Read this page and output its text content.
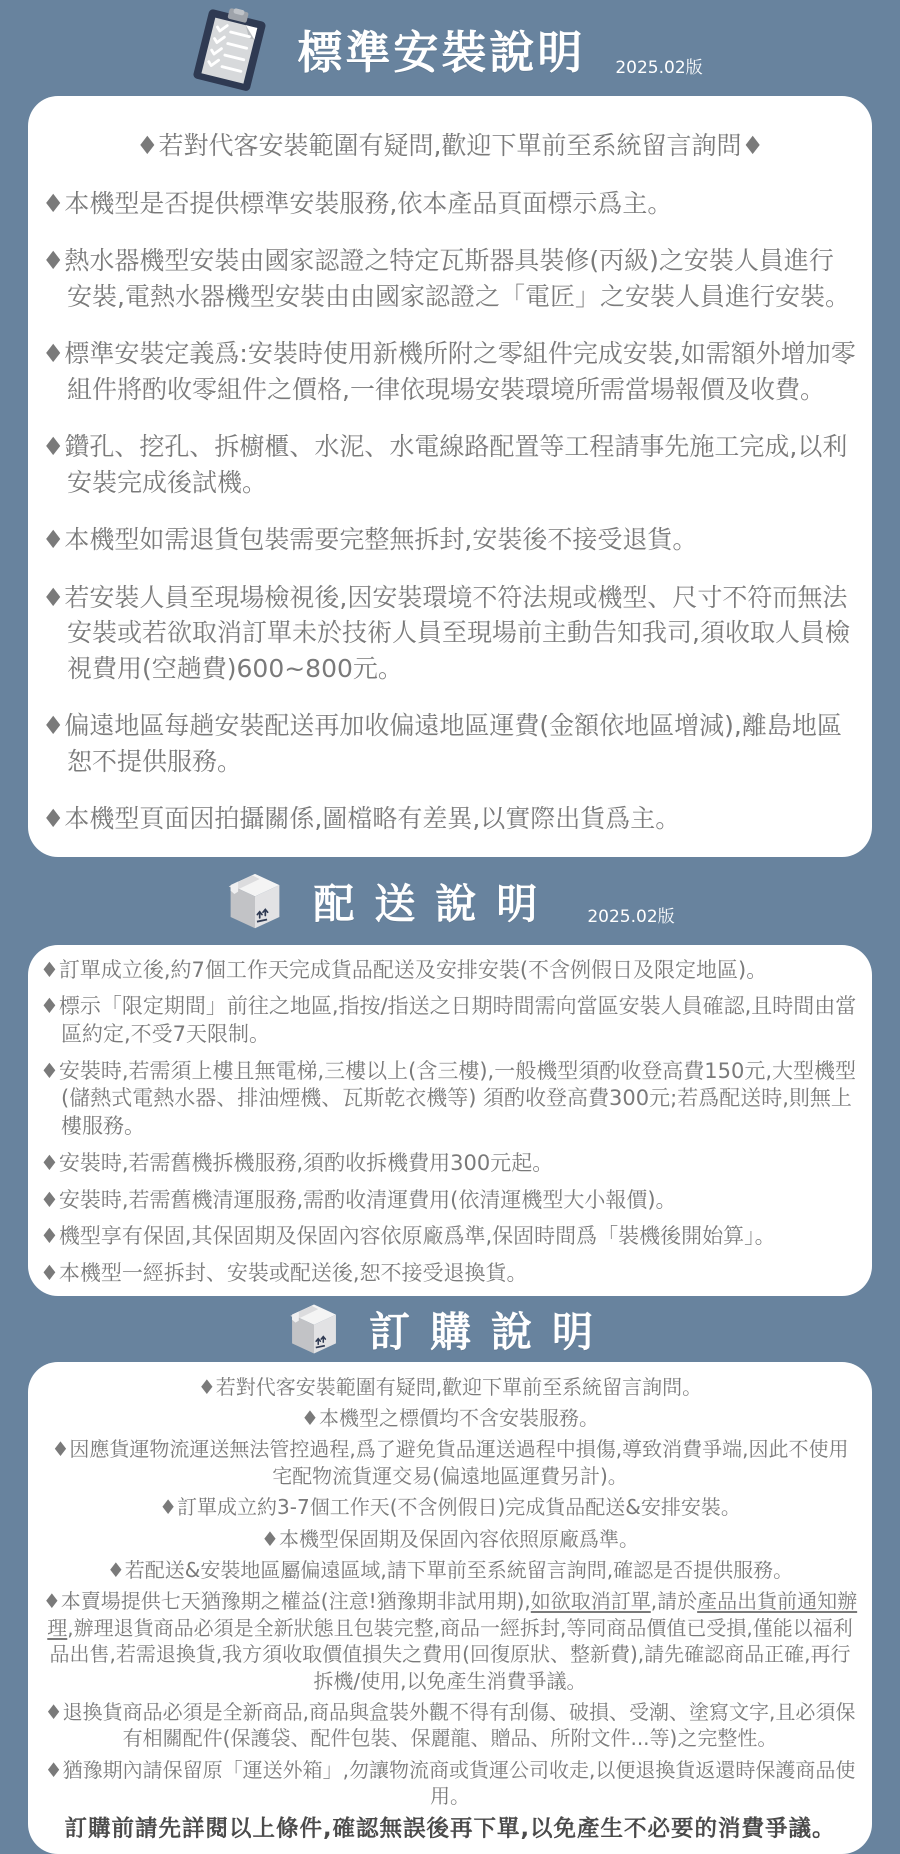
標準安裝說明 2025.02版

♦若對代客安裝範圍有疑問,歡迎下單前至系統留言詢問♦

♦本機型是否提供標準安裝服務,依本產品頁面標示爲主。

♦熱水器機型安裝由國家認證之特定瓦斯器具裝修(丙級)之安裝人員進行安裝,電熱水器機型安裝由由國家認證之「電匠」之安裝人員進行安裝。

♦標準安裝定義爲:安裝時使用新機所附之零組件完成安裝,如需額外增加零組件將酌收零組件之價格,一律依現場安裝環境所需當場報價及收費。

♦鑽孔、挖孔、拆櫥櫃、水泥、水電線路配置等工程請事先施工完成,以利安裝完成後試機。

♦本機型如需退貨包裝需要完整無拆封,安裝後不接受退貨。

♦若安裝人員至現場檢視後,因安裝環境不符法規或機型、尺寸不符而無法安裝或若欲取消訂單未於技術人員至現場前主動告知我司,須收取人員檢視費用(空趟費)600~800元。

♦偏遠地區每趟安裝配送再加收偏遠地區運費(金額依地區增減),離島地區恕不提供服務。

♦本機型頁面因拍攝關係,圖檔略有差異,以實際出貨爲主。

配送說明 2025.02版

♦訂單成立後,約7個工作天完成貨品配送及安排安裝(不含例假日及限定地區)。

♦標示「限定期間」前往之地區,指按/指送之日期時間需向當區安裝人員確認,且時間由當區約定,不受7天限制。

♦安裝時,若需須上樓且無電梯,三樓以上(含三樓),一般機型須酌收登高費150元,大型機型(儲熱式電熱水器、排油煙機、瓦斯乾衣機等) 須酌收登高費300元;若爲配送時,則無上樓服務。

♦安裝時,若需舊機拆機服務,須酌收拆機費用300元起。

♦安裝時,若需舊機清運服務,需酌收清運費用(依清運機型大小報價)。

♦機型享有保固,其保固期及保固內容依原廠爲準,保固時間爲「裝機後開始算」。

♦本機型一經拆封、安裝或配送後,恕不接受退換貨。

訂購說明

♦若對代客安裝範圍有疑問,歡迎下單前至系統留言詢問。

♦本機型之標價均不含安裝服務。

♦因應貨運物流運送無法管控過程,爲了避免貨品運送過程中損傷,導致消費爭端,因此不使用宅配物流貨運交易(偏遠地區運費另計)。

♦訂單成立約3-7個工作天(不含例假日)完成貨品配送&安排安裝。

♦本機型保固期及保固內容依照原廠爲準。

♦若配送&安裝地區屬偏遠區域,請下單前至系統留言詢問,確認是否提供服務。

♦本賣場提供七天猶豫期之權益(注意!猶豫期非試用期),如欲取消訂單,請於產品出貨前通知辦理,辦理退貨商品必須是全新狀態且包裝完整,商品一經拆封,等同商品價值已受損,僅能以福利品出售,若需退換貨,我方須收取價值損失之費用(回復原狀、整新費),請先確認商品正確,再行拆機/使用,以免產生消費爭議。

♦退換貨商品必須是全新商品,商品與盒裝外觀不得有刮傷、破損、受潮、塗寫文字,且必須保有相關配件(保護袋、配件包裝、保麗龍、贈品、所附文件...等)之完整性。

♦猶豫期內請保留原「運送外箱」,勿讓物流商或貨運公司收走,以便退換貨返還時保護商品使用。

訂購前請先詳閱以上條件,確認無誤後再下單,以免產生不必要的消費爭議。
